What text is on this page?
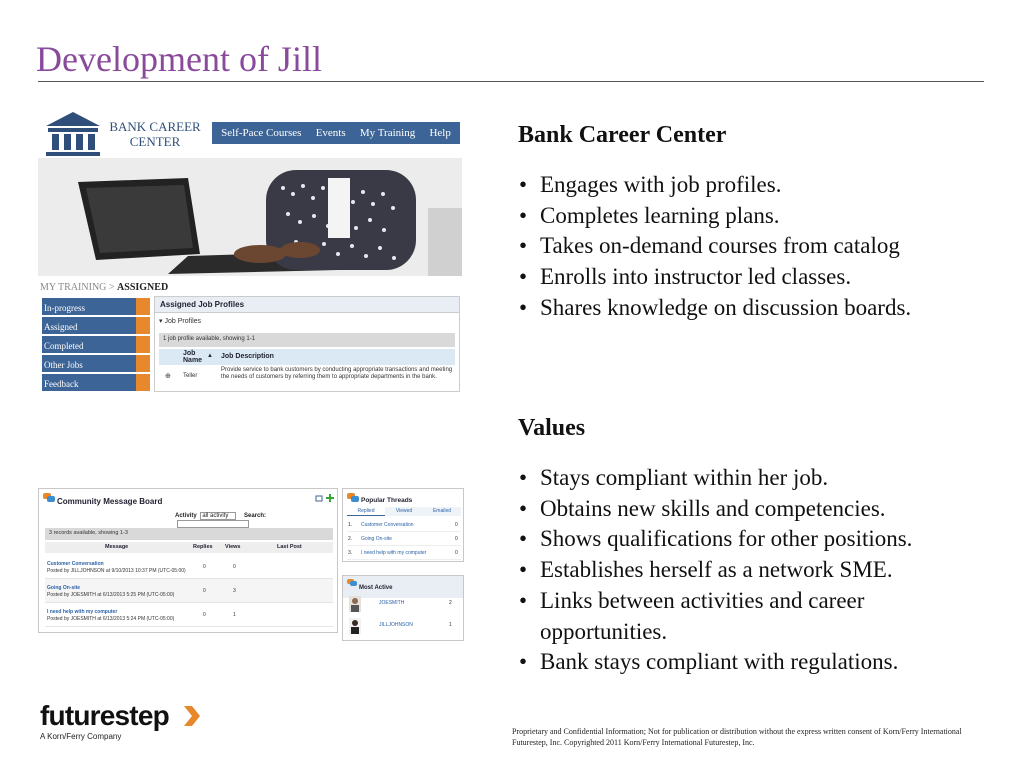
Development of Jill
BANK CAREER CENTER
Self-Pace Courses Events My Training Help
MY TRAINING > ASSIGNED
In-progress
Assigned
Completed
Other Jobs
Feedback
Assigned Job Profiles
▾ Job Profiles
1 job profile available, showing 1-1
Job Name
▲ Job Description
⊕ Teller
Provide service to bank customers by conducting appropriate transactions and meeting the needs of customers by referring them to appropriate departments in the bank.
Community Message Board
Activity all activity	Search:
3 records available, showing 1-3
Message	Replies Views	Last Post
Customer Conversation
Posted by JILLJOHNSON at 9/10/2013 10:37 PM (UTC-05:00)
0	0
Going On-site
Posted by JOESMITH at 6/13/2013 5:25 PM (UTC-05:00)
0	3
I need help with my computer
Posted by JOESMITH at 6/13/2013 5:24 PM (UTC-05:00)
0	1
Popular Threads
Replied	Viewed	Emailed
1. Customer Conversation	0
2. Going On-site	0
3. I need help with my computer	0
Most Active
JOESMITH	2
JILLJOHNSON	1
Bank Career Center
• Engages with job profiles.
• Completes learning plans.
• Takes on-demand courses from catalog
• Enrolls into instructor led classes.
• Shares knowledge on discussion boards.
Values
• Stays compliant within her job.
• Obtains new skills and competencies.
• Shows qualifications for other positions.
• Establishes herself as a network SME.
• Links between activities and career opportunities.
• Bank stays compliant with regulations.
futurestep
A Korn/Ferry Company
Proprietary and Confidential Information; Not for publication or distribution without the express written consent of Korn/Ferry International Futurestep, Inc. Copyrighted 2011 Korn/Ferry International Futurestep, Inc.
